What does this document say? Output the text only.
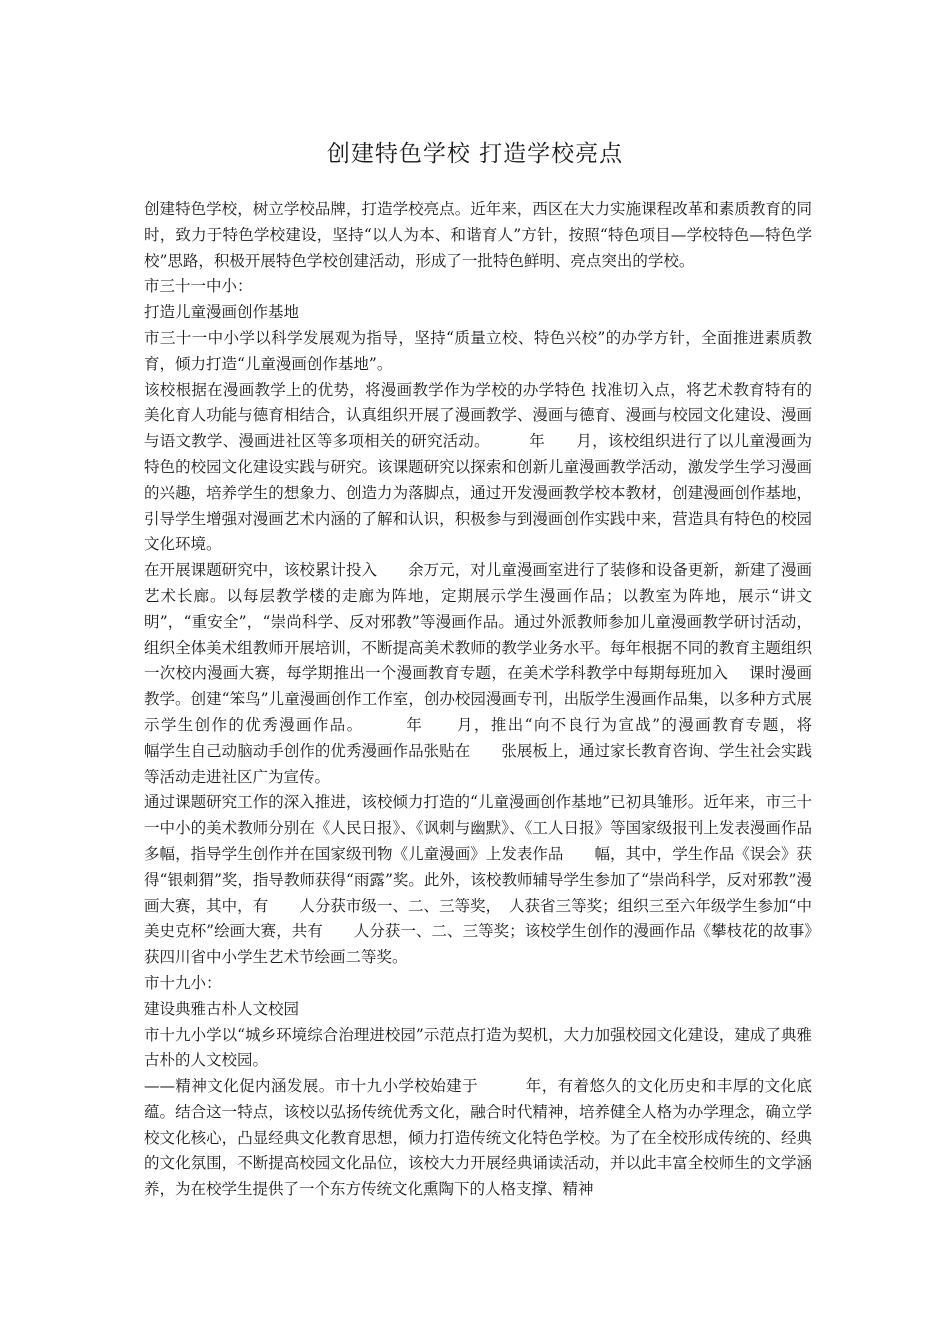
创建特色学校 打造学校亮点

创建特色学校，树立学校品牌，打造学校亮点。近年来，西区在大力实施课程改革和素质教育的同时，致力于特色学校建设，坚持“以人为本、和谐育人”方针，按照“特色项目—学校特色—特色学校”思路，积极开展特色学校创建活动，形成了一批特色鲜明、亮点突出的学校。

市三十一中小：

打造儿童漫画创作基地

市三十一中小学以科学发展观为指导，坚持“质量立校、特色兴校”的办学方针，全面推进素质教育，倾力打造“儿童漫画创作基地”。

该校根据在漫画教学上的优势，将漫画教学作为学校的办学特色 找准切入点，将艺术教育特有的美化育人功能与德育相结合，认真组织开展了漫画教学、漫画与德育、漫画与校园文化建设、漫画与语文教学、漫画进社区等多项相关的研究活动。　　　年　　月，该校组织进行了以儿童漫画为特色的校园文化建设实践与研究。该课题研究以探索和创新儿童漫画教学活动，激发学生学习漫画的兴趣，培养学生的想象力、创造力为落脚点，通过开发漫画教学校本教材，创建漫画创作基地，引导学生增强对漫画艺术内涵的了解和认识，积极参与到漫画创作实践中来，营造具有特色的校园文化环境。

在开展课题研究中，该校累计投入　　余万元，对儿童漫画室进行了装修和设备更新，新建了漫画艺术长廊。以每层教学楼的走廊为阵地，定期展示学生漫画作品；以教室为阵地，展示“讲文明”，“重安全”，“崇尚科学、反对邪教”等漫画作品。通过外派教师参加儿童漫画教学研讨活动，组织全体美术组教师开展培训，不断提高美术教师的教学业务水平。每年根据不同的教育主题组织一次校内漫画大赛，每学期推出一个漫画教育专题，在美术学科教学中每期每班加入　 课时漫画教学。创建“笨鸟”儿童漫画创作工作室，创办校园漫画专刊，出版学生漫画作品集，以多种方式展示学生创作的优秀漫画作品。　　　年　　月，推出“向不良行为宣战”的漫画教育专题，将　　　幅学生自己动脑动手创作的优秀漫画作品张贴在　　张展板上，通过家长教育咨询、学生社会实践等活动走进社区广为宣传。

通过课题研究工作的深入推进，该校倾力打造的“儿童漫画创作基地”已初具雏形。近年来，市三十一中小的美术教师分别在《人民日报》、《讽刺与幽默》、《工人日报》等国家级报刊上发表漫画作品　　多幅，指导学生创作并在国家级刊物《儿童漫画》上发表作品　　幅，其中，学生作品《误会》获得“银刺猬”奖，指导教师获得“雨露”奖。此外，该校教师辅导学生参加了“崇尚科学，反对邪教”漫画大赛，其中，有　　人分获市级一、二、三等奖，　人获省三等奖；组织三至六年级学生参加“中美史克杯”绘画大赛，共有　　人分获一、二、三等奖；该校学生创作的漫画作品《攀枝花的故事》获四川省中小学生艺术节绘画二等奖。

市十九小：

建设典雅古朴人文校园

市十九小学以“城乡环境综合治理进校园”示范点打造为契机，大力加强校园文化建设，建成了典雅古朴的人文校园。

——精神文化促内涵发展。市十九小学校始建于　　　年，有着悠久的文化历史和丰厚的文化底蕴。结合这一特点，该校以弘扬传统优秀文化，融合时代精神，培养健全人格为办学理念，确立学校文化核心，凸显经典文化教育思想，倾力打造传统文化特色学校。为了在全校形成传统的、经典的文化氛围，不断提高校园文化品位，该校大力开展经典诵读活动，并以此丰富全校师生的文学涵养，为在校学生提供了一个东方传统文化熏陶下的人格支撑、精神
